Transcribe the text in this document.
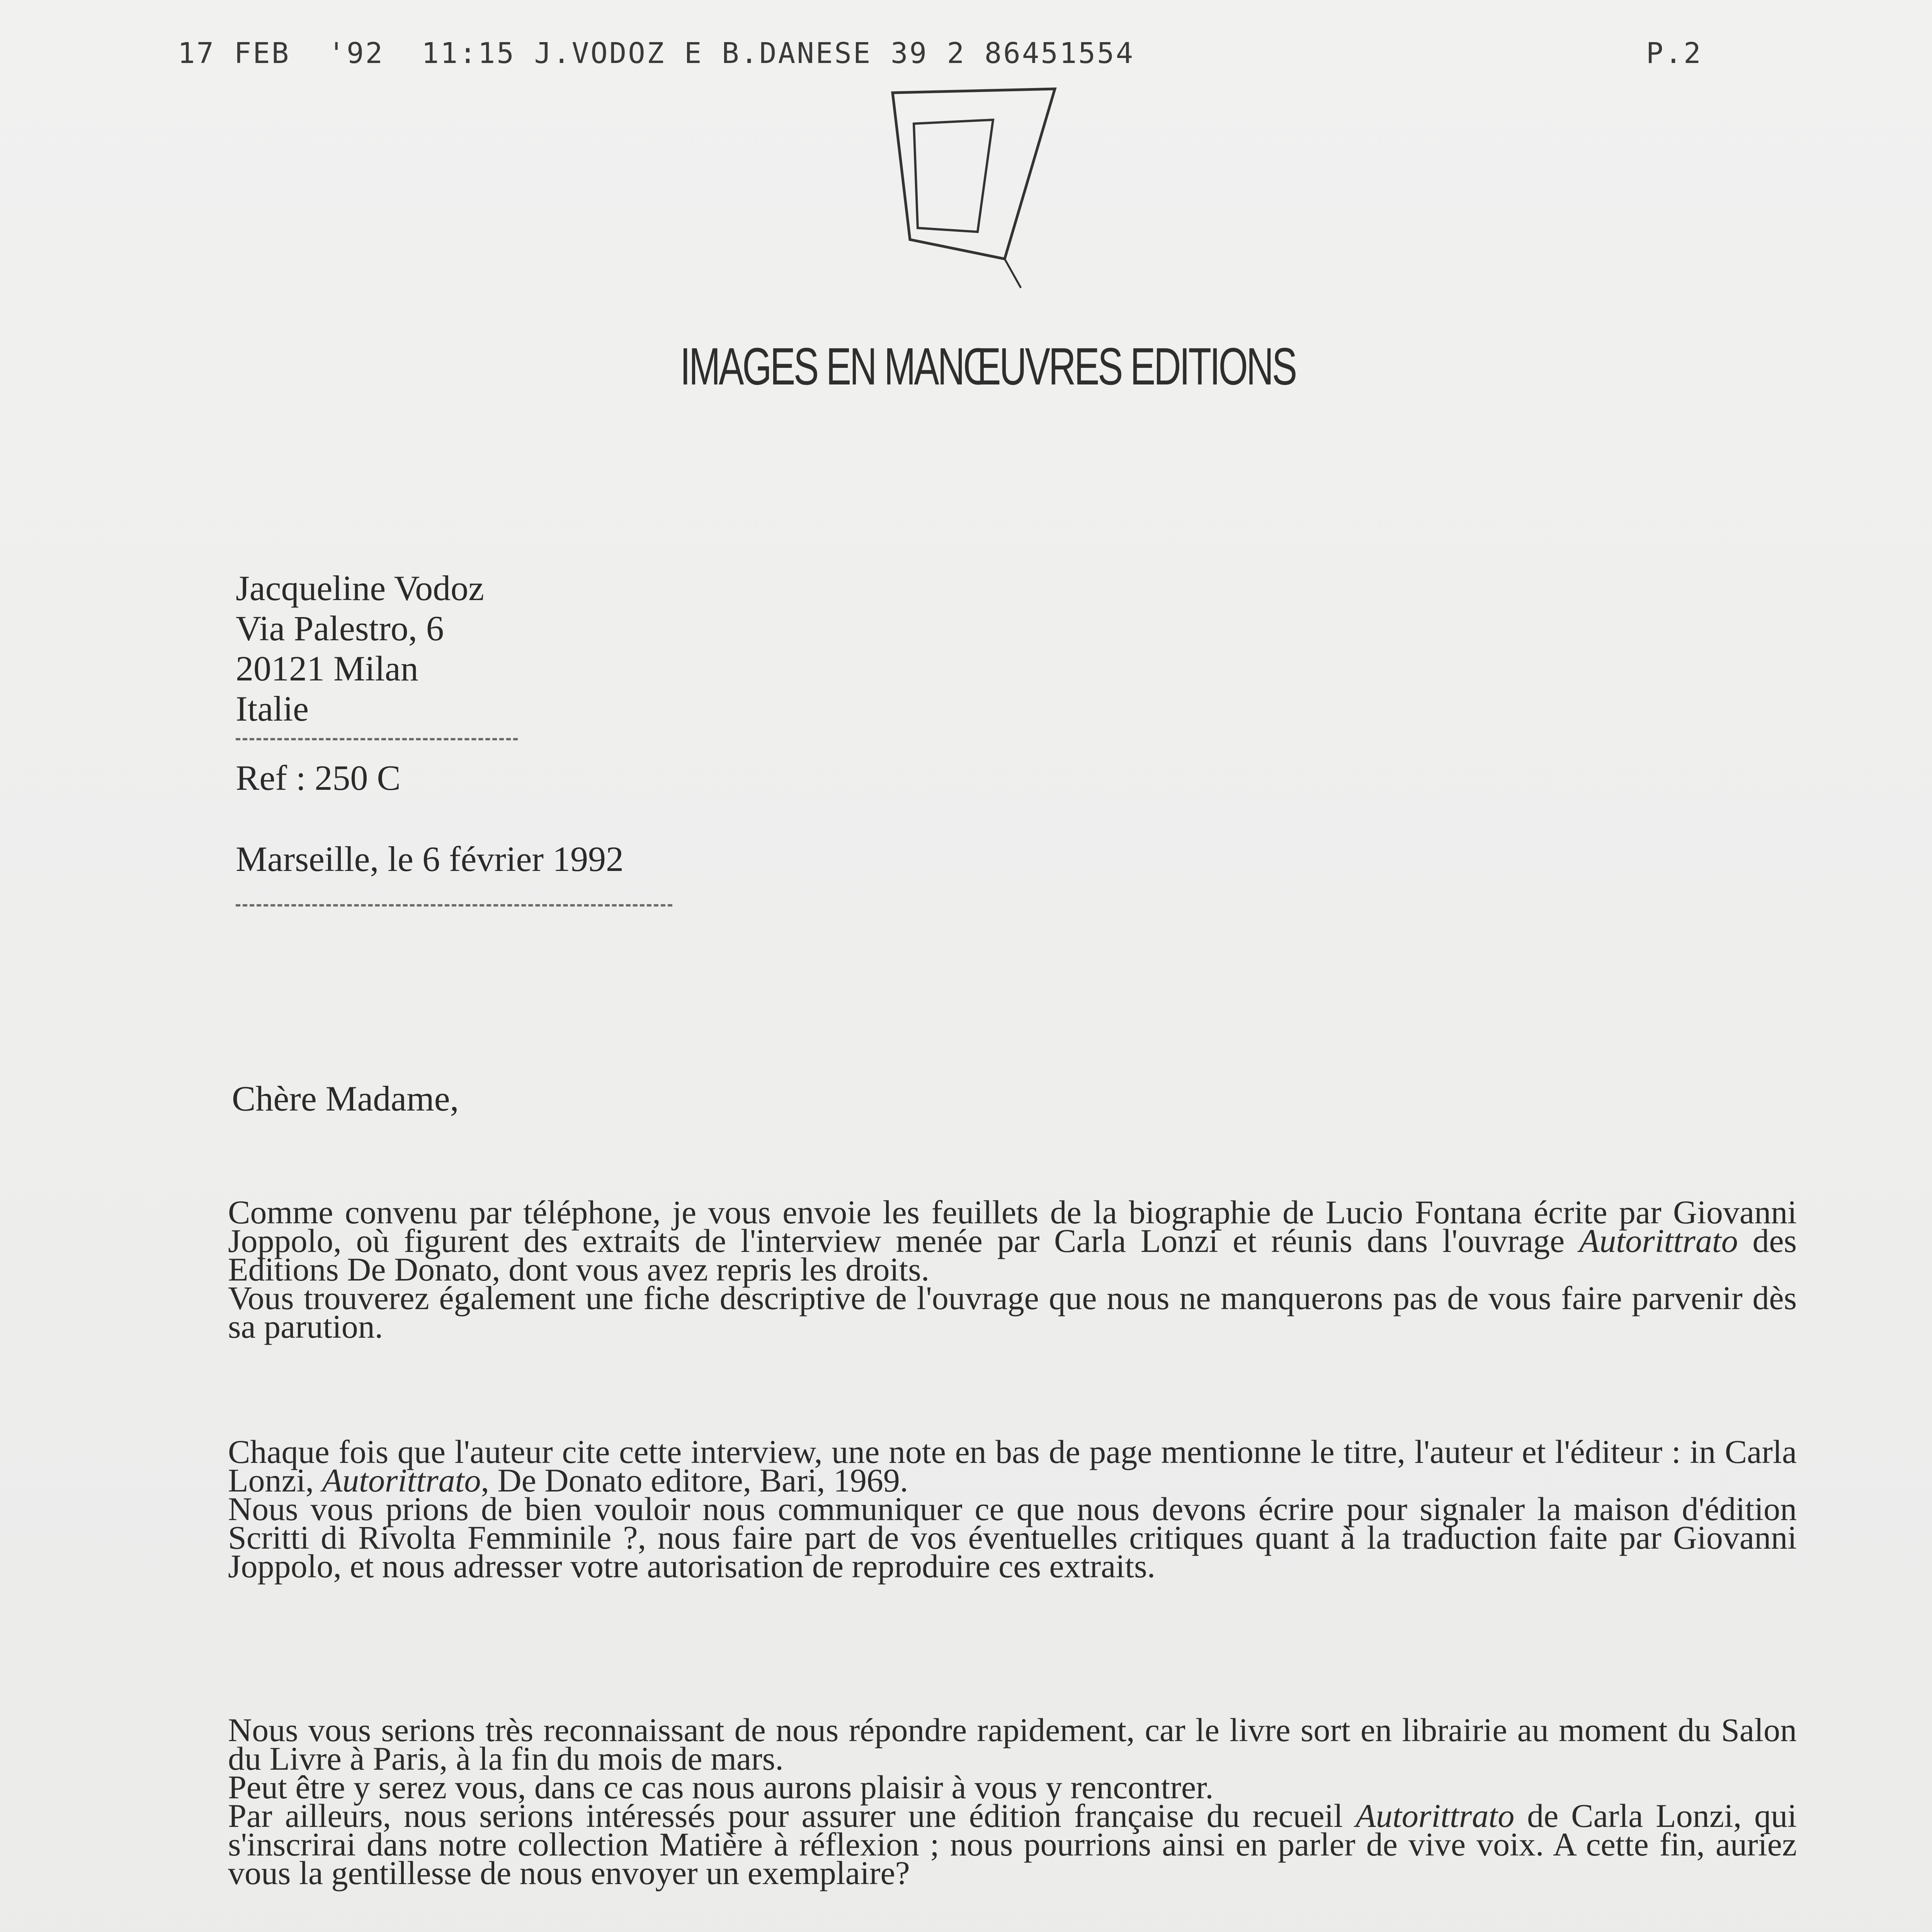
17 FEB  '92  11:15 J.VODOZ E B.DANESE 39 2 86451554	P.2
IMAGES EN MANŒUVRES EDITIONS
Jacqueline Vodoz
Via Palestro, 6
20121 Milan
Italie
Ref : 250 C
Marseille, le 6 février 1992
Chère Madame,

Comme convenu par téléphone, je vous envoie les feuillets de la biographie de Lucio Fontana écrite par Giovanni Joppolo, où figurent des extraits de l'interview menée par Carla Lonzi et réunis dans l'ouvrage Autorittrato des Editions De Donato, dont vous avez repris les droits.

Vous trouverez également une fiche descriptive de l'ouvrage que nous ne manquerons pas de vous faire parvenir dès sa parution.

Chaque fois que l'auteur cite cette interview, une note en bas de page mentionne le titre, l'auteur et l'éditeur : in Carla Lonzi, Autorittrato, De Donato editore, Bari, 1969.

Nous vous prions de bien vouloir nous communiquer ce que nous devons écrire pour signaler la maison d'édition Scritti di Rivolta Femminile ?, nous faire part de vos éventuelles critiques quant à la traduction faite par Giovanni Joppolo, et nous adresser votre autorisation de reproduire ces extraits.

Nous vous serions très reconnaissant de nous répondre rapidement, car le livre sort en librairie au moment du Salon du Livre à Paris, à la fin du mois de mars.

Peut être y serez vous, dans ce cas nous aurons plaisir à vous y rencontrer.

Par ailleurs, nous serions intéressés pour assurer une édition française du recueil Autorittrato de Carla Lonzi, qui s'inscrirai dans notre collection Matière à réflexion ; nous pourrions ainsi en parler de vive voix. A cette fin, auriez vous la gentillesse de nous envoyer un exemplaire?
